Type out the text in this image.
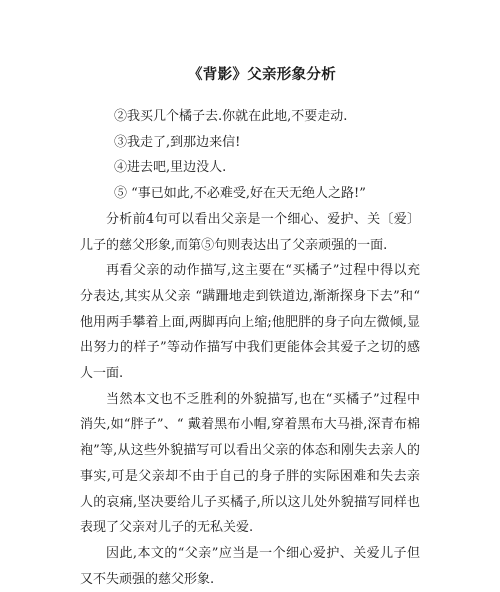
《背影》父亲形象分析

②我买几个橘子去.你就在此地,不要走动.

③我走了,到那边来信!

④进去吧,里边没人.

⑤ “事已如此,不必难受,好在天无绝人之路!”

分析前4句可以看出父亲是一个细心、爱护、关〔爱〕儿子的慈父形象,而第⑤句则表达出了父亲顽强的一面.

再看父亲的动作描写,这主要在“买橘子”过程中得以充分表达,其实从父亲 “蹒跚地走到铁道边,渐渐探身下去”和“ 他用两手攀着上面,两脚再向上缩;他肥胖的身子向左微倾,显出努力的样子”等动作描写中我们更能体会其爱子之切的感人一面.

当然本文也不乏胜利的外貌描写,也在“买橘子”过程中消失,如“胖子”、“ 戴着黑布小帽,穿着黑布大马褂,深青布棉袍”等,从这些外貌描写可以看出父亲的体态和刚失去亲人的事实,可是父亲却不由于自己的身子胖的实际困难和失去亲人的哀痛,坚决要给儿子买橘子,所以这儿处外貌描写同样也表现了父亲对儿子的无私关爱.

因此,本文的“父亲”应当是一个细心爱护、关爱儿子但又不失顽强的慈父形象.
